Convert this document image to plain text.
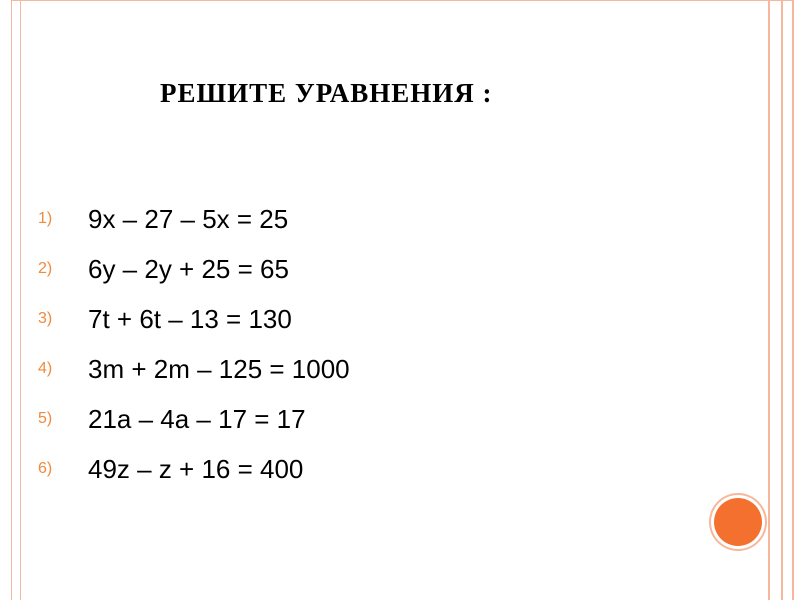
РЕШИТЕ УРАВНЕНИЯ :
1)	9х – 27 – 5х = 25
2)	6у – 2у + 25 = 65
3)	7t + 6t – 13 = 130
4)	3m + 2m – 125 = 1000
5)	21a – 4a – 17 = 17
6)	49z – z + 16 = 400
